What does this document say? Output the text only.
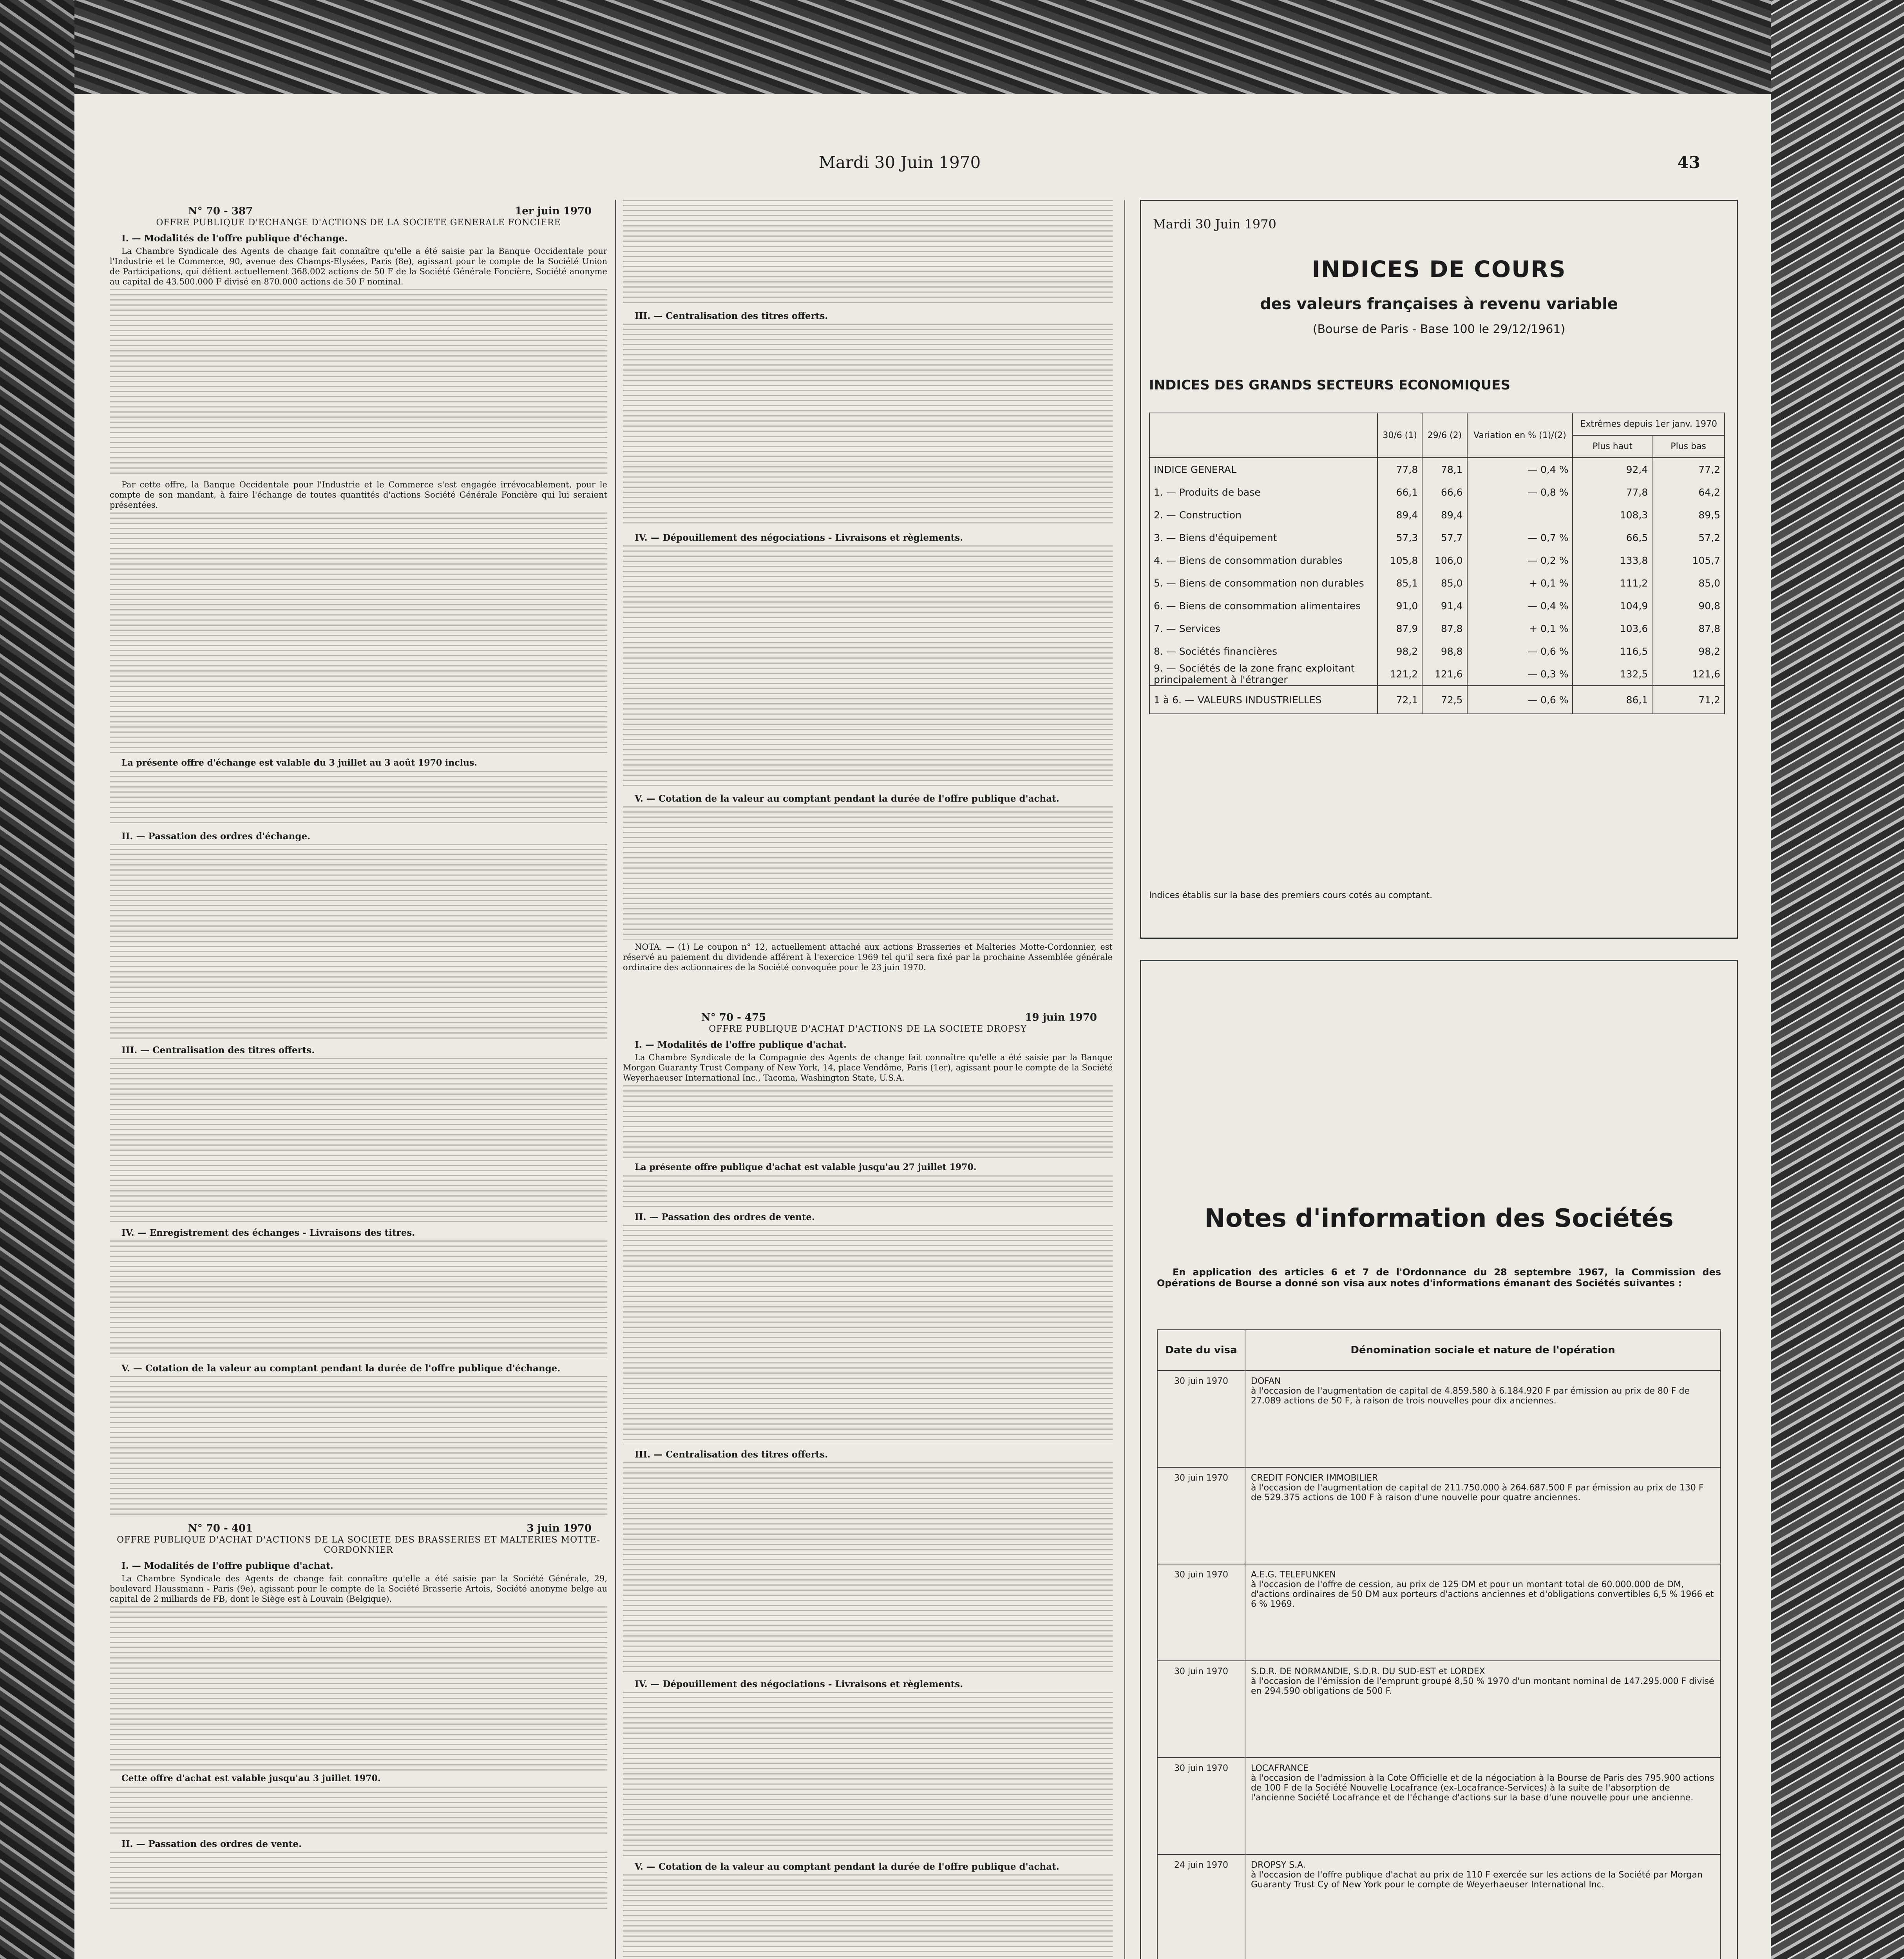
Mardi 30 Juin 1970	43
N° 70 - 387	1er juin 1970
OFFRE PUBLIQUE D'ECHANGE D'ACTIONS DE LA SOCIETE GENERALE FONCIERE
I. — Modalités de l'offre publique d'échange.

La Chambre Syndicale des Agents de change fait connaître qu'elle a été saisie par la Banque Occidentale pour l'Industrie et le Commerce, 90, avenue des Champs-Elysées, Paris (8e), agissant pour le compte de la Société Union de Participations, qui détient actuellement 368.002 actions de 50 F de la Société Générale Foncière, Société anonyme au capital de 43.500.000 F divisé en 870.000 actions de 50 F nominal.

Par cette offre, la Banque Occidentale pour l'Industrie et le Commerce s'est engagée irrévocablement, pour le compte de son mandant, à faire l'échange de toutes quantités d'actions Société Générale Foncière qui lui seraient présentées.

La présente offre d'échange est valable du 3 juillet au 3 août 1970 inclus.

II. — Passation des ordres d'échange.
III. — Centralisation des titres offerts.
IV. — Enregistrement des échanges - Livraisons des titres.
V. — Cotation de la valeur au comptant pendant la durée de l'offre publique d'échange.
N° 70 - 401	3 juin 1970
OFFRE PUBLIQUE D'ACHAT D'ACTIONS DE LA SOCIETE DES BRASSERIES ET MALTERIES MOTTE-CORDONNIER
I. — Modalités de l'offre publique d'achat.

La Chambre Syndicale des Agents de change fait connaître qu'elle a été saisie par la Société Générale, 29, boulevard Haussmann - Paris (9e), agissant pour le compte de la Société Brasserie Artois, Société anonyme belge au capital de 2 milliards de FB, dont le Siège est à Louvain (Belgique).

Cette offre d'achat est valable jusqu'au 3 juillet 1970.

II. — Passation des ordres de vente.
III. — Centralisation des titres offerts.
IV. — Dépouillement des négociations - Livraisons et règlements.
V. — Cotation de la valeur au comptant pendant la durée de l'offre publique d'achat.

NOTA. — (1) Le coupon n° 12, actuellement attaché aux actions Brasseries et Malteries Motte-Cordonnier, est réservé au paiement du dividende afférent à l'exercice 1969 tel qu'il sera fixé par la prochaine Assemblée générale ordinaire des actionnaires de la Société convoquée pour le 23 juin 1970.

N° 70 - 475	19 juin 1970
OFFRE PUBLIQUE D'ACHAT D'ACTIONS DE LA SOCIETE DROPSY
I. — Modalités de l'offre publique d'achat.

La Chambre Syndicale de la Compagnie des Agents de change fait connaître qu'elle a été saisie par la Banque Morgan Guaranty Trust Company of New York, 14, place Vendôme, Paris (1er), agissant pour le compte de la Société Weyerhaeuser International Inc., Tacoma, Washington State, U.S.A.

La présente offre publique d'achat est valable jusqu'au 27 juillet 1970.

II. — Passation des ordres de vente.
III. — Centralisation des titres offerts.
IV. — Dépouillement des négociations - Livraisons et règlements.
V. — Cotation de la valeur au comptant pendant la durée de l'offre publique d'achat.
Mardi 30 Juin 1970
INDICES DE COURS
des valeurs françaises à revenu variable
(Bourse de Paris - Base 100 le 29/12/1961)
INDICES DES GRANDS SECTEURS ECONOMIQUES
	30/6 (1)	29/6 (2)	Variation en % (1)/(2)	Extrêmes depuis 1er janv. 1970	
				Plus haut	Plus bas
INDICE GENERAL	77,8	78,1	— 0,4 %	92,4	77,2
1. — Produits de base	66,1	66,6	— 0,8 %	77,8	64,2
2. — Construction	89,4	89,4		108,3	89,5
3. — Biens d'équipement	57,3	57,7	— 0,7 %	66,5	57,2
4. — Biens de consommation durables	105,8	106,0	— 0,2 %	133,8	105,7
5. — Biens de consommation non durables	85,1	85,0	+ 0,1 %	111,2	85,0
6. — Biens de consommation alimentaires	91,0	91,4	— 0,4 %	104,9	90,8
7. — Services	87,9	87,8	+ 0,1 %	103,6	87,8
8. — Sociétés financières	98,2	98,8	— 0,6 %	116,5	98,2
9. — Sociétés de la zone franc exploitant principalement à l'étranger	121,2	121,6	— 0,3 %	132,5	121,6
1 à 6. — VALEURS INDUSTRIELLES	72,1	72,5	— 0,6 %	86,1	71,2
Indices établis sur la base des premiers cours cotés au comptant.
Notes d'information des Sociétés
En application des articles 6 et 7 de l'Ordonnance du 28 septembre 1967, la Commission des Opérations de Bourse a donné son visa aux notes d'informations émanant des Sociétés suivantes :
Date du visa	Dénomination sociale et nature de l'opération
30 juin 1970	DOFAN
à l'occasion de l'augmentation de capital de 4.859.580 à 6.184.920 F par émission au prix de 80 F de 27.089 actions de 50 F, à raison de trois nouvelles pour dix anciennes.

30 juin 1970	CREDIT FONCIER IMMOBILIER
à l'occasion de l'augmentation de capital de 211.750.000 à 264.687.500 F par émission au prix de 130 F de 529.375 actions de 100 F à raison d'une nouvelle pour quatre anciennes.

30 juin 1970	A.E.G. TELEFUNKEN
à l'occasion de l'offre de cession, au prix de 125 DM et pour un montant total de 60.000.000 de DM, d'actions ordinaires de 50 DM aux porteurs d'actions anciennes et d'obligations convertibles 6,5 % 1966 et 6 % 1969.

30 juin 1970	S.D.R. DE NORMANDIE, S.D.R. DU SUD-EST et LORDEX
à l'occasion de l'émission de l'emprunt groupé 8,50 % 1970 d'un montant nominal de 147.295.000 F divisé en 294.590 obligations de 500 F.

30 juin 1970	LOCAFRANCE
à l'occasion de l'admission à la Cote Officielle et de la négociation à la Bourse de Paris des 795.900 actions de 100 F de la Société Nouvelle Locafrance (ex-Locafrance-Services) à la suite de l'absorption de l'ancienne Société Locafrance et de l'échange d'actions sur la base d'une nouvelle pour une ancienne.

24 juin 1970	DROPSY S.A.
à l'occasion de l'offre publique d'achat au prix de 110 F exercée sur les actions de la Société par Morgan Guaranty Trust Cy of New York pour le compte de Weyerhaeuser International Inc.
